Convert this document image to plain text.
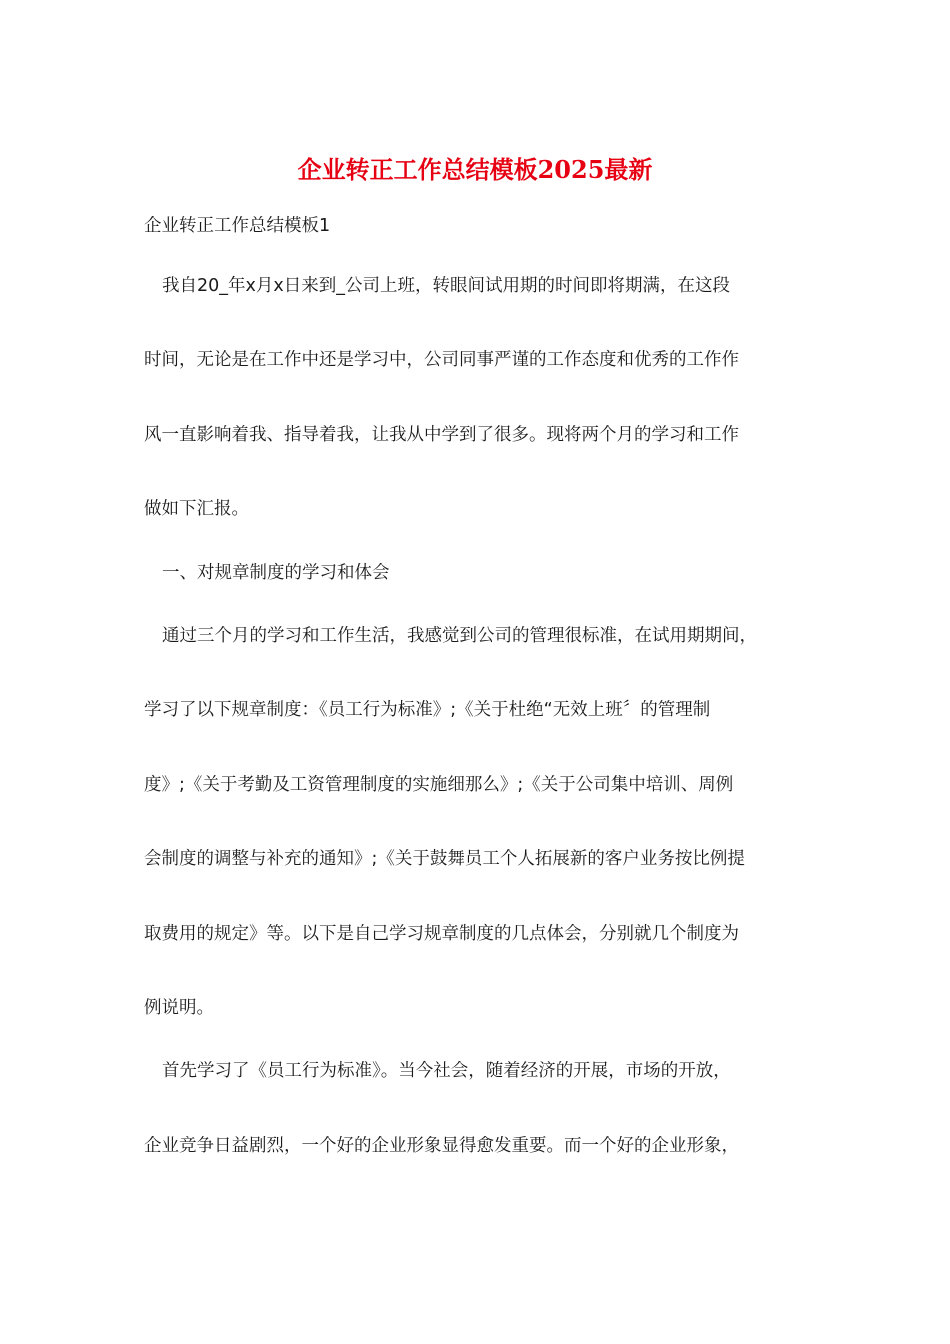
企业转正工作总结模板2025最新
企业转正工作总结模板1
我自20_年x月x日来到_公司上班，转眼间试用期的时间即将期满，在这段
时间，无论是在工作中还是学习中，公司同事严谨的工作态度和优秀的工作作
风一直影响着我、指导着我，让我从中学到了很多。现将两个月的学习和工作
做如下汇报。
一、对规章制度的学习和体会
通过三个月的学习和工作生活，我感觉到公司的管理很标准，在试用期期间，
学习了以下规章制度：《员工行为标准》;《关于杜绝“无效上班〞的管理制
度》;《关于考勤及工资管理制度的实施细那么》;《关于公司集中培训、周例
会制度的调整与补充的通知》;《关于鼓舞员工个人拓展新的客户业务按比例提
取费用的规定》等。以下是自己学习规章制度的几点体会，分别就几个制度为
例说明。
首先学习了《员工行为标准》。当今社会，随着经济的开展，市场的开放，
企业竞争日益剧烈，一个好的企业形象显得愈发重要。而一个好的企业形象，
